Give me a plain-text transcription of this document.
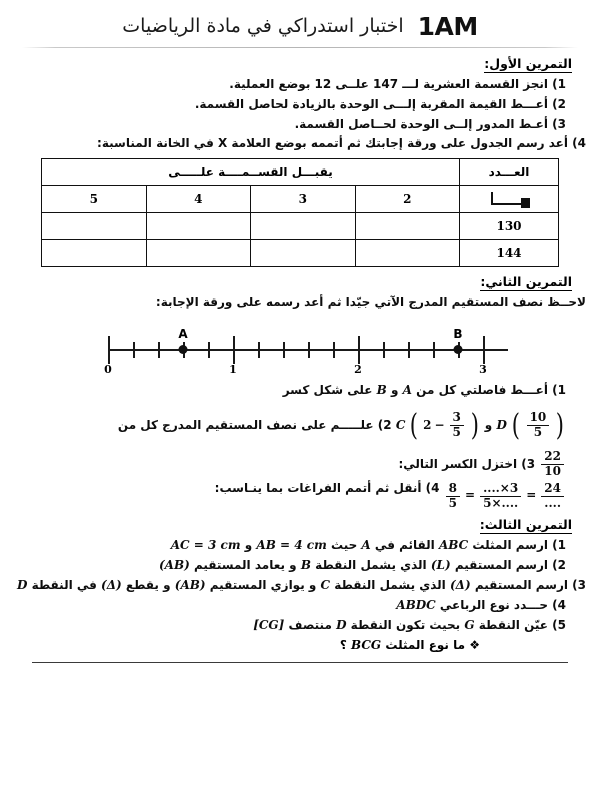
1AM
اختبار استدراكي في مادة الرياضيات
التمرين الأول:
1) انجز القسمة العشرية لـــ 147 علــى 12 بوضع العملية.
2) أعـــط القيمة المقربة إلـــى الوحدة بالزيادة لحاصل القسمة.
3) أعـط المدور إلــى الوحدة لحــاصل القسمة.
4) أعد رسم الجدول على ورقة إجابتك ثم أتممه بوضع العلامة X في الخانة المناسبة:
العـــدد	يقبـــل القســمــــة علـــــى			

	2	3	4	5
130				
144				
التمرين الثاني:
لاحــظ نصف المستقيم المدرج الآتي جيّدا ثم أعد رسمه على ورقة الإجابة:
0	1	2	3
A	B
1) أعـــط فاصلتي كل من A و B على شكل كسر
D ( $\frac{10}{5}$ )
و
C ( $2 - \frac{3}{5}$ )
2) علـــــم على نصف المستقيم المدرج كل من
$\frac{22}{10}$
3) اختزل الكسر التالي:
$\frac{8}{5} = \frac{....\times 3}{5\times....} = \frac{24}{....}$
4) أنقل ثم أتمم الفراغات بما ينـاسب:
التمرين الثالث:
1) ارسم المثلث ABC القائم في A حيث AB = 4 cm و AC = 3 cm
2) ارسم المستقيم (L) الذي يشمل النقطة B و يعامد المستقيم (AB)
3) ارسم المستقيم (Δ) الذي يشمل النقطة C و يوازي المستقيم (AB) و يقطع (Δ) في النقطة D
4) حـــدد نوع الرباعي ABDC
5) عيّن النقطة G بحيث تكون النقطة D منتصف [CG]
❖ ما نوع المثلث BCG ؟
